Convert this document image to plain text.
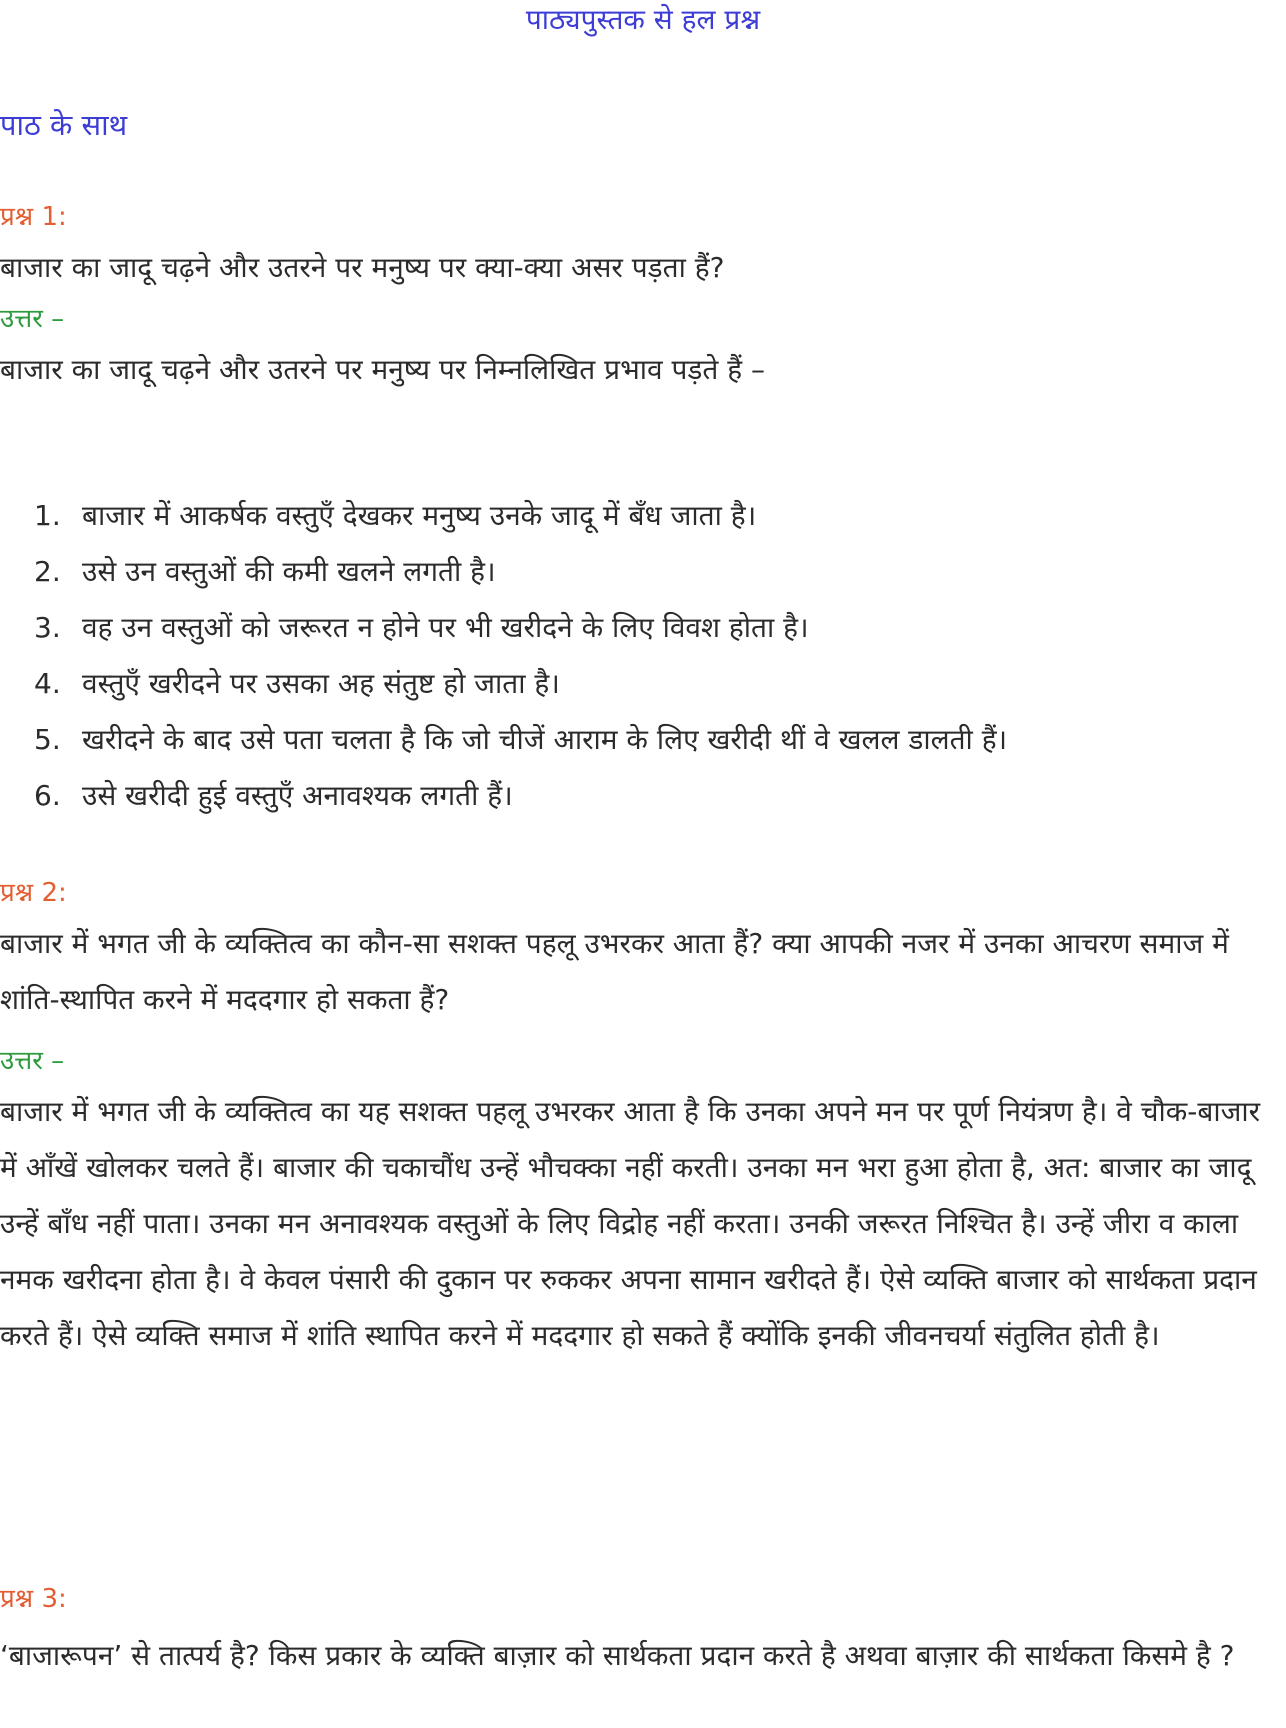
पाठ्यपुस्तक से हल प्रश्न
पाठ के साथ
प्रश्न 1:

बाजार का जादू चढ़ने और उतरने पर मनुष्य पर क्या-क्या असर पड़ता हैं?

उत्तर –

बाजार का जादू चढ़ने और उतरने पर मनुष्य पर निम्नलिखित प्रभाव पड़ते हैं –

1. बाजार में आकर्षक वस्तुएँ देखकर मनुष्य उनके जादू में बँध जाता है।
2. उसे उन वस्तुओं की कमी खलने लगती है।
3. वह उन वस्तुओं को जरूरत न होने पर भी खरीदने के लिए विवश होता है।
4. वस्तुएँ खरीदने पर उसका अह संतुष्ट हो जाता है।
5. खरीदने के बाद उसे पता चलता है कि जो चीजें आराम के लिए खरीदी थीं वे खलल डालती हैं।
6. उसे खरीदी हुई वस्तुएँ अनावश्यक लगती हैं।
प्रश्न 2:

बाजार में भगत जी के व्यक्तित्व का कौन-सा सशक्त पहलू उभरकर आता हैं? क्या आपकी नजर में उनका आचरण समाज में शांति-स्थापित करने में मददगार हो सकता हैं?

उत्तर –

बाजार में भगत जी के व्यक्तित्व का यह सशक्त पहलू उभरकर आता है कि उनका अपने मन पर पूर्ण नियंत्रण है। वे चौक-बाजार में आँखें खोलकर चलते हैं। बाजार की चकाचौंध उन्हें भौचक्का नहीं करती। उनका मन भरा हुआ होता है, अत: बाजार का जादू उन्हें बाँध नहीं पाता। उनका मन अनावश्यक वस्तुओं के लिए विद्रोह नहीं करता। उनकी जरूरत निश्चित है। उन्हें जीरा व काला नमक खरीदना होता है। वे केवल पंसारी की दुकान पर रुककर अपना सामान खरीदते हैं। ऐसे व्यक्ति बाजार को सार्थकता प्रदान करते हैं। ऐसे व्यक्ति समाज में शांति स्थापित करने में मददगार हो सकते हैं क्योंकि इनकी जीवनचर्या संतुलित होती है।

प्रश्न 3:

‘बाजारूपन’ से तात्पर्य है? किस प्रकार के व्यक्ति बाज़ार को सार्थकता प्रदान करते है अथवा बाज़ार की सार्थकता किसमे है ?
